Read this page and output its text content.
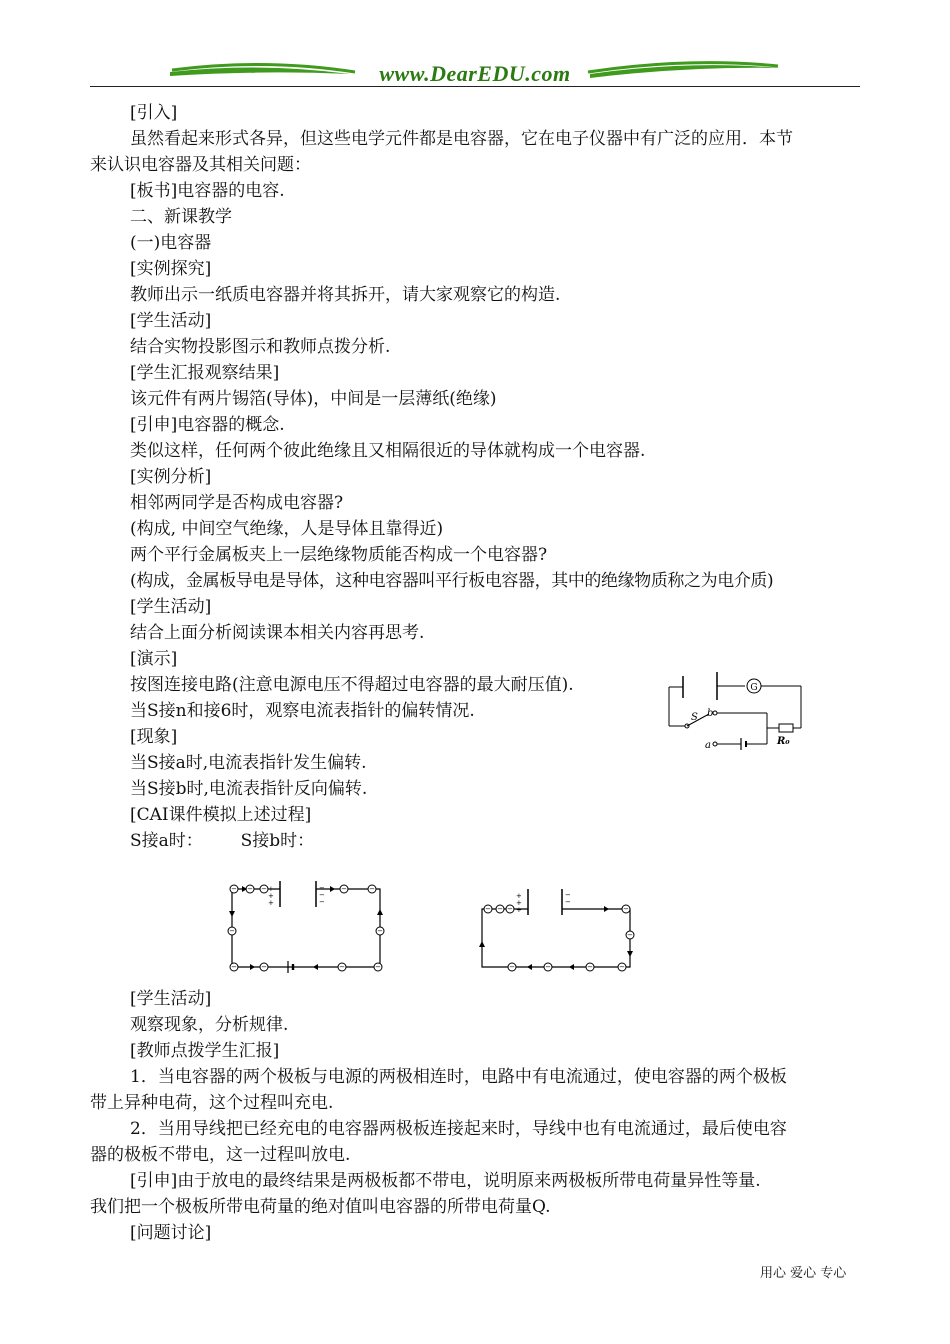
www.DearEDU.com
[引入]
虽然看起来形式各异，但这些电学元件都是电容器，它在电子仪器中有广泛的应用．本节
来认识电容器及其相关问题：
[板书]电容器的电容.
二、新课教学
(一)电容器
[实例探究]
教师出示一纸质电容器并将其拆开，请大家观察它的构造.
[学生活动]
结合实物投影图示和教师点拨分析.
[学生汇报观察结果]
该元件有两片锡箔(导体)，中间是一层薄纸(绝缘)
[引申]电容器的概念.
类似这样，任何两个彼此绝缘且又相隔很近的导体就构成一个电容器.
[实例分析]
相邻两同学是否构成电容器?
(构成, 中间空气绝缘，人是导体且靠得近)
两个平行金属板夹上一层绝缘物质能否构成一个电容器?
(构成，金属板导电是导体，这种电容器叫平行板电容器，其中的绝缘物质称之为电介质)
[学生活动]
结合上面分析阅读课本相关内容再思考.
[演示]
按图连接电路(注意电源电压不得超过电容器的最大耐压值).
当S接n和接6时，观察电流表指针的偏转情况.
[现象]
当S接a时,电流表指针发生偏转.
当S接b时,电流表指针反向偏转.
[CAI课件模拟上述过程]
S接a时：       S接b时：
[学生活动]
观察现象，分析规律.
[教师点拨学生汇报]
1．当电容器的两个极板与电源的两极相连时，电路中有电流通过，使电容器的两个极板
带上异种电荷，这个过程叫充电.
2．当用导线把已经充电的电容器两极板连接起来时，导线中也有电流通过，最后使电容
器的极板不带电，这一过程叫放电.
[引申]由于放电的最终结果是两极板都不带电，说明原来两极板所带电荷量异性等量.
我们把一个极板所带电荷量的绝对值叫电容器的所带电荷量Q.
[问题讨论]
G
S b
R₀
a
+
+
+
−
−
−
− − −	−	−
−	−
−	−	−	−
+
+
+
−
−
−
− − −	−
−
−	−	−	−
用心 爱心 专心
